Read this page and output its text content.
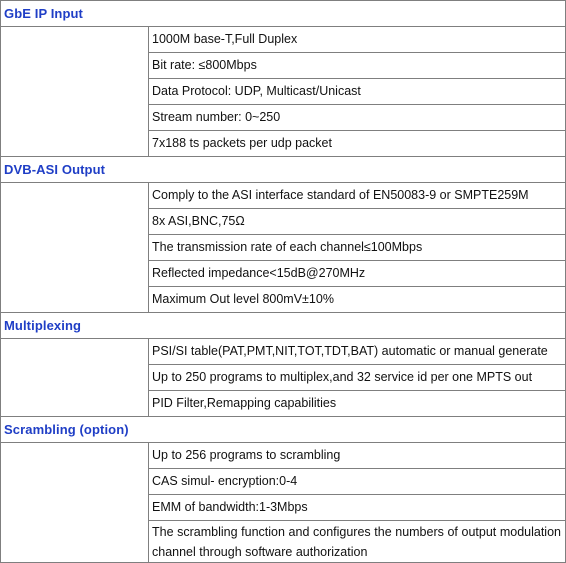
GbE IP Input	
	1000M base-T,Full Duplex
	Bit rate: ≤800Mbps
	Data Protocol: UDP, Multicast/Unicast
	Stream number: 0~250
	7x188 ts packets per udp packet
DVB-ASI Output	
	Comply to the ASI interface standard of EN50083-9 or SMPTE259M
	8x ASI,BNC,75Ω
	The transmission rate of each channel≤100Mbps
	Reflected impedance<15dB@270MHz
	Maximum Out level 800mV±10%
Multiplexing	
	PSI/SI table(PAT,PMT,NIT,TOT,TDT,BAT) automatic or manual generate
	Up to 250 programs to multiplex,and 32 service id per one MPTS out
	PID Filter,Remapping capabilities
Scrambling (option)	
	Up to 256 programs to scrambling
	CAS simul- encryption:0-4
	EMM of bandwidth:1-3Mbps
	The scrambling function and configures the numbers of output modulation channel through software authorization
